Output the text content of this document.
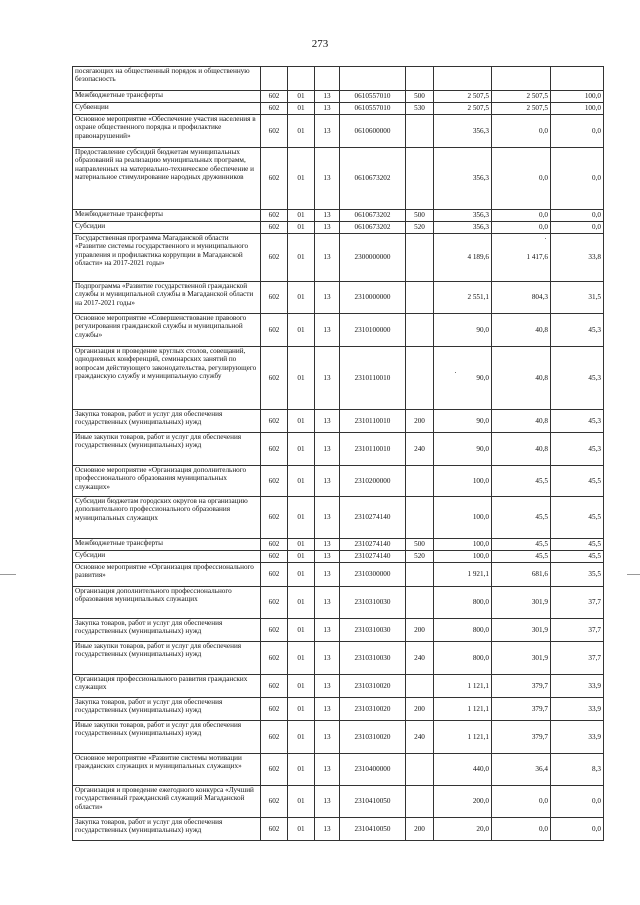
273
посягающих на общественный порядок и общественную безопасность								
Межбюджетные трансферты	602	01	13	0610557010	500	2 507,5	2 507,5	100,0
Субвенции	602	01	13	0610557010	530	2 507,5	2 507,5	100,0
Основное мероприятие «Обеспечение участия населения в охране общественного порядка и профилактике правонарушений»	602	01	13	0610600000		356,3	0,0	0,0
Предоставление субсидий бюджетам муниципальных образований на реализацию муниципальных программ, направленных на материально-техническое обеспечение и материальное стимулирование народных дружинников	602	01	13	0610673202		356,3	0,0	0,0
Межбюджетные трансферты	602	01	13	0610673202	500	356,3	0,0	0,0
Субсидии	602	01	13	0610673202	520	356,3	0,0	0,0
Государственная программа Магаданской области «Развитие системы государственного и муниципального управления и профилактика коррупции в Магаданской области» на 2017-2021 годы»	602	01	13	2300000000		4 189,6	1 417,6	33,8
Подпрограмма «Развитие государственной гражданской службы и муниципальной службы в Магаданской области на 2017-2021 годы»	602	01	13	2310000000		2 551,1	804,3	31,5
Основное мероприятие «Совершенствование правового регулирования гражданской службы и муниципальной службы»	602	01	13	2310100000		90,0	40,8	45,3
Организация и проведение круглых столов, совещаний, однодневных конференций, семинарских занятий по вопросам действующего законодательства, регулирующего гражданскую службу и муниципальную службу	602	01	13	2310110010		90,0	40,8	45,3
Закупка товаров, работ и услуг для обеспечения государственных (муниципальных) нужд	602	01	13	2310110010	200	90,0	40,8	45,3
Иные закупки товаров, работ и услуг для обеспечения государственных (муниципальных) нужд	602	01	13	2310110010	240	90,0	40,8	45,3
Основное мероприятие «Организация дополнительного профессионального образования муниципальных служащих»	602	01	13	2310200000		100,0	45,5	45,5
Субсидии бюджетам городских округов на организацию дополнительного профессионального образования муниципальных служащих	602	01	13	2310274140		100,0	45,5	45,5
Межбюджетные трансферты	602	01	13	2310274140	500	100,0	45,5	45,5
Субсидии	602	01	13	2310274140	520	100,0	45,5	45,5
Основное мероприятие «Организация профессионального развития»	602	01	13	2310300000		1 921,1	681,6	35,5
Организация дополнительного профессионального образования муниципальных служащих	602	01	13	2310310030		800,0	301,9	37,7
Закупка товаров, работ и услуг для обеспечения государственных (муниципальных) нужд	602	01	13	2310310030	200	800,0	301,9	37,7
Иные закупки товаров, работ и услуг для обеспечения государственных (муниципальных) нужд	602	01	13	2310310030	240	800,0	301,9	37,7
Организация профессионального развития гражданских служащих	602	01	13	2310310020		1 121,1	379,7	33,9
Закупка товаров, работ и услуг для обеспечения государственных (муниципальных) нужд	602	01	13	2310310020	200	1 121,1	379,7	33,9
Иные закупки товаров, работ и услуг для обеспечения государственных (муниципальных) нужд	602	01	13	2310310020	240	1 121,1	379,7	33,9
Основное мероприятие «Развитие системы мотивации гражданских служащих и муниципальных служащих»	602	01	13	2310400000		440,0	36,4	8,3
Организация и проведение ежегодного конкурса «Лучший государственный гражданский служащий Магаданской области»	602	01	13	2310410050		200,0	0,0	0,0
Закупка товаров, работ и услуг для обеспечения государственных (муниципальных) нужд	602	01	13	2310410050	200	20,0	0,0	0,0
